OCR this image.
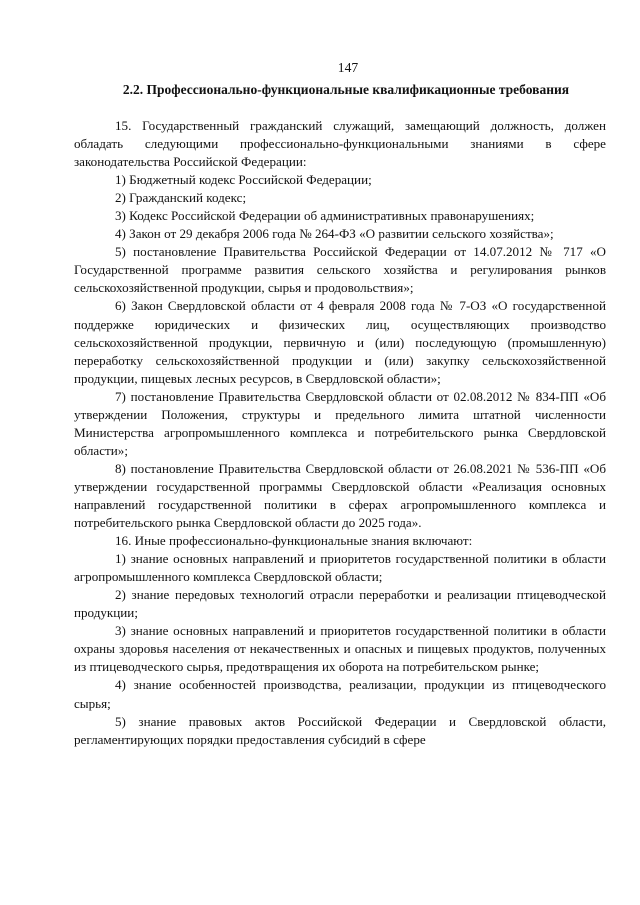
147
2.2. Профессионально-функциональные квалификационные требования

15. Государственный гражданский служащий, замещающий должность, должен обладать следующими профессионально-функциональными знаниями в сфере законодательства Российской Федерации:

1) Бюджетный кодекс Российской Федерации;

2) Гражданский кодекс;

3) Кодекс Российской Федерации об административных правонарушениях;

4) Закон от 29 декабря 2006 года № 264-ФЗ «О развитии сельского хозяйства»;

5) постановление Правительства Российской Федерации от 14.07.2012 № 717 «О Государственной программе развития сельского хозяйства и регулирования рынков сельскохозяйственной продукции, сырья и продовольствия»;

6) Закон Свердловской области от 4 февраля 2008 года № 7-ОЗ «О государственной поддержке юридических и физических лиц, осуществляющих производство сельскохозяйственной продукции, первичную и (или) последующую (промышленную) переработку сельскохозяйственной продукции и (или) закупку сельскохозяйственной продукции, пищевых лесных ресурсов, в Свердловской области»;

7) постановление Правительства Свердловской области от 02.08.2012 № 834-ПП «Об утверждении Положения, структуры и предельного лимита штатной численности Министерства агропромышленного комплекса и потребительского рынка Свердловской области»;

8) постановление Правительства Свердловской области от 26.08.2021 № 536-ПП «Об утверждении государственной программы Свердловской области «Реализация основных направлений государственной политики в сферах агропромышленного комплекса и потребительского рынка Свердловской области до 2025 года».

16. Иные профессионально-функциональные знания включают:

1) знание основных направлений и приоритетов государственной политики в области агропромышленного комплекса Свердловской области;

2) знание передовых технологий отрасли переработки и реализации птицеводческой продукции;

3) знание основных направлений и приоритетов государственной политики в области охраны здоровья населения от некачественных и опасных и пищевых продуктов, полученных из птицеводческого сырья, предотвращения их оборота на потребительском рынке;

4) знание особенностей производства, реализации, продукции из птицеводческого сырья;

5) знание правовых актов Российской Федерации и Свердловской области, регламентирующих порядки предоставления субсидий в сфере
